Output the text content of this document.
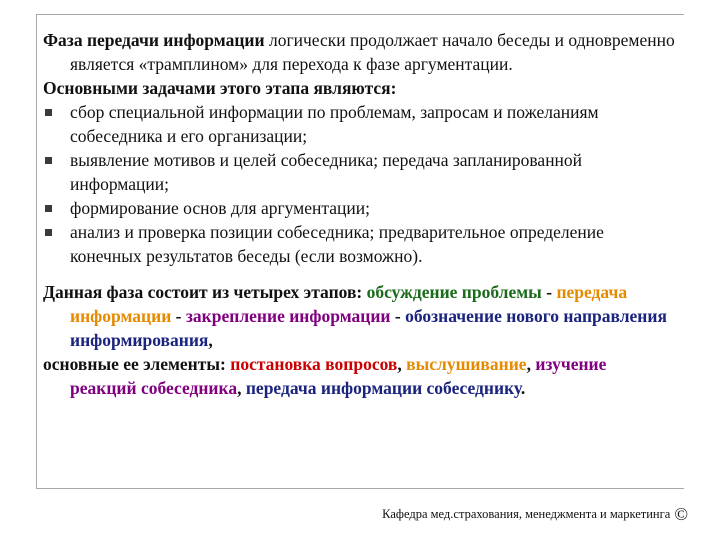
Фаза передачи информации логически продолжает начало беседы и одновременно является «трамплином» для перехода к фазе аргументации.

Основными задачами этого этапа являются:

сбор специальной информации по проблемам, запросам и пожеланиям собеседника и его организации;

выявление мотивов и целей собеседника; передача запланированной информации;

формирование основ для аргументации;

анализ и проверка позиции собеседника; предварительное определение конечных результатов беседы (если возможно).

Данная фаза состоит из четырех этапов: обсуждение проблемы - передача информации - закрепление информации - обозначение нового направления информирования,

основные ее элементы: постановка вопросов, выслушивание, изучение реакций собеседника, передача информации собеседнику.

Кафедра мед.страхования, менеджмента и маркетинга ©
